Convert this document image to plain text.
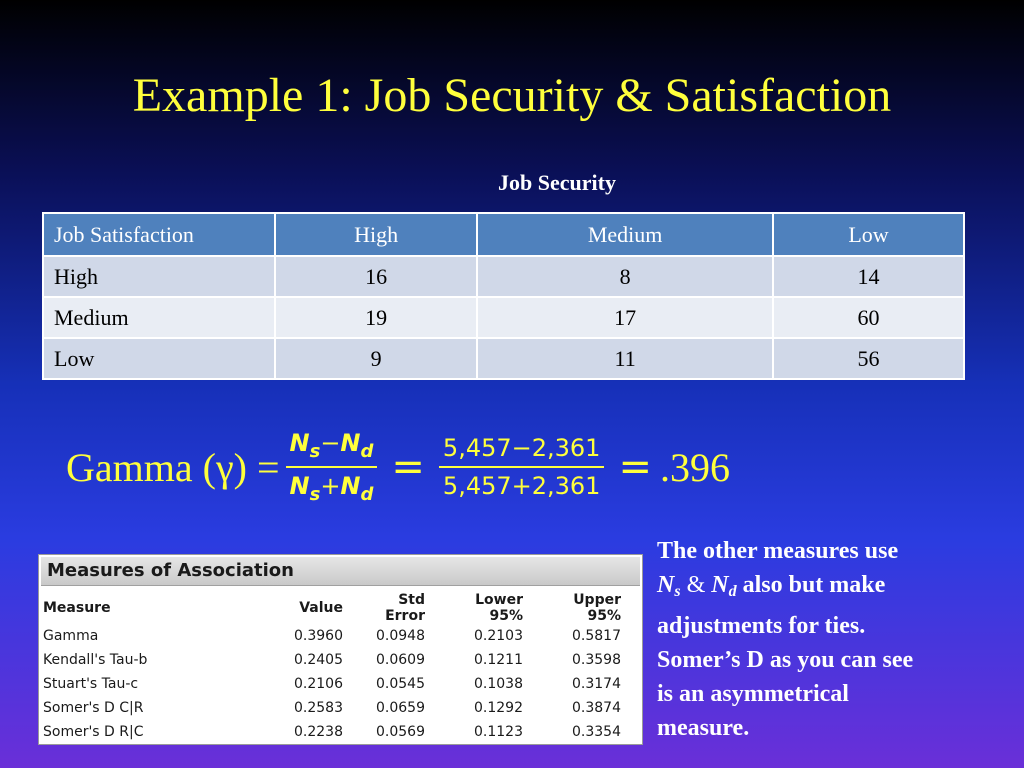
Example 1: Job Security & Satisfaction
Job Security
Job Satisfaction	High	Medium	Low
High	16	8	14
Medium	19	17	60
Low	9	11	56
Gamma $(\gamma) = \frac{N_s-N_d}{N_s+N_d} = \frac{5,457-2,361}{5,457+2,361} = .396$
Measures of Association
Measure	Value	Std Error	Lower 95%	Upper 95%
Gamma	0.3960	0.0948	0.2103	0.5817
Kendall's Tau-b	0.2405	0.0609	0.1211	0.3598
Stuart's Tau-c	0.2106	0.0545	0.1038	0.3174
Somer's D C|R	0.2583	0.0659	0.1292	0.3874
Somer's D R|C	0.2238	0.0569	0.1123	0.3354
The other measures use
Ns & Nd also but make
adjustments for ties.
Somer’s D as you can see
is an asymmetrical
measure.
